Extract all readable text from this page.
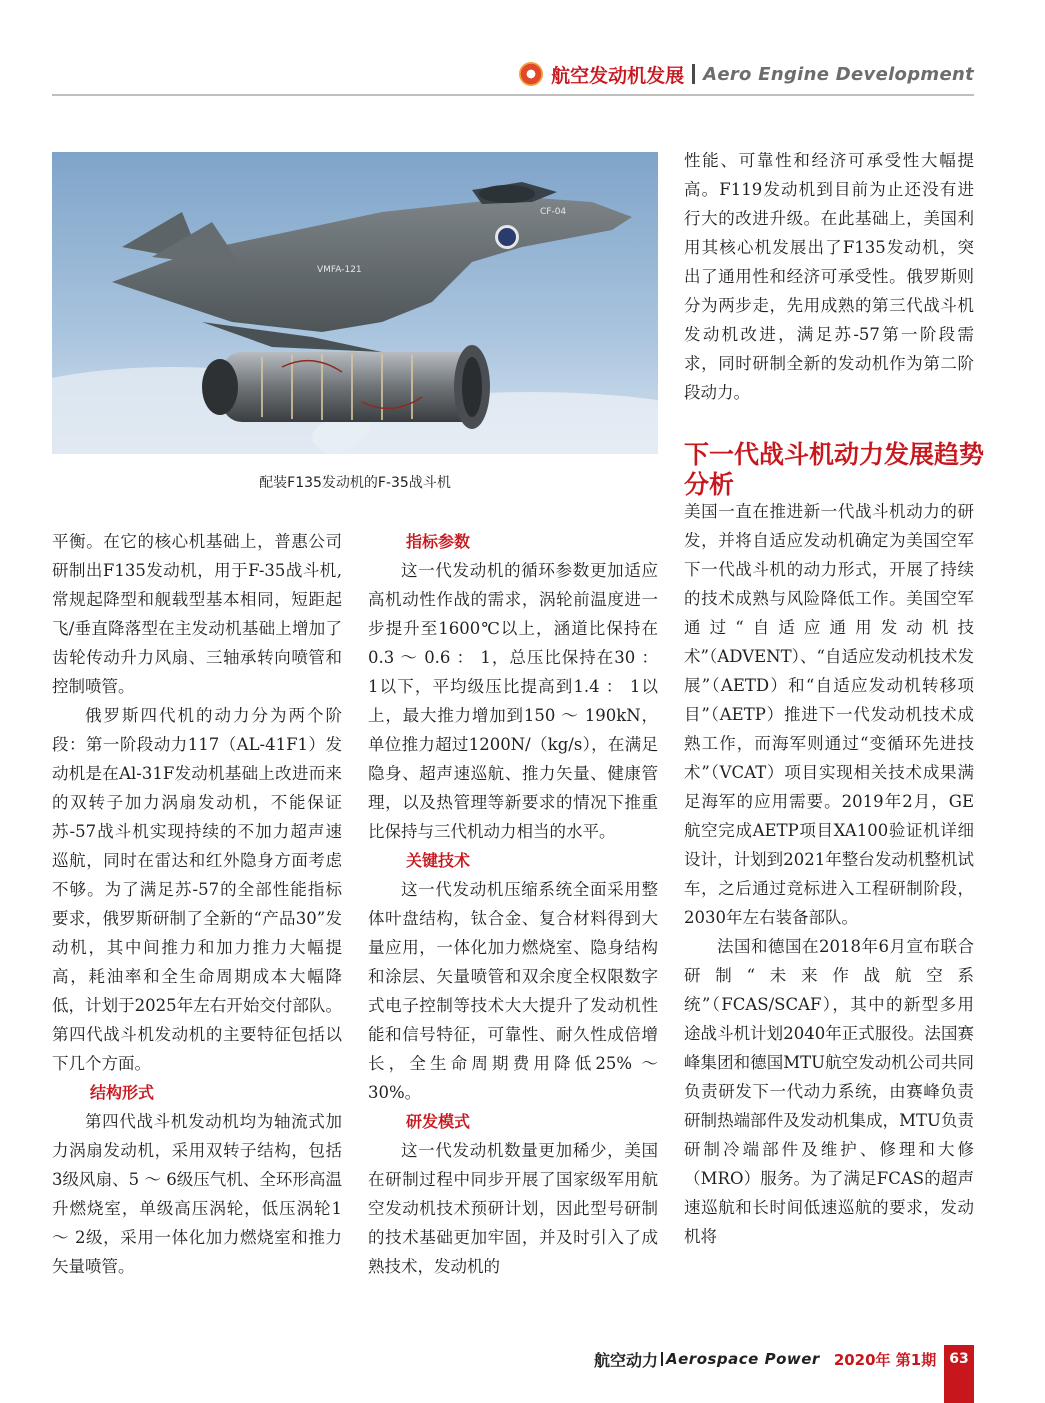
航空发动机发展 Aero Engine Development
VMFA-121
CF-04
配装F135发动机的F-35战斗机

平衡。在它的核心机基础上，普惠公司研制出F135发动机，用于F-35战斗机,常规起降型和舰载型基本相同，短距起飞/垂直降落型在主发动机基础上增加了齿轮传动升力风扇、三轴承转向喷管和控制喷管。

俄罗斯四代机的动力分为两个阶段：第一阶段动力117（AL-41F1）发动机是在Al-31F发动机基础上改进而来的双转子加力涡扇发动机，不能保证苏-57战斗机实现持续的不加力超声速巡航，同时在雷达和红外隐身方面考虑不够。为了满足苏-57的全部性能指标要求，俄罗斯研制了全新的“产品30”发动机，其中间推力和加力推力大幅提高，耗油率和全生命周期成本大幅降低，计划于2025年左右开始交付部队。第四代战斗机发动机的主要特征包括以下几个方面。

结构形式

第四代战斗机发动机均为轴流式加力涡扇发动机，采用双转子结构，包括3级风扇、5 ～ 6级压气机、全环形高温升燃烧室，单级高压涡轮，低压涡轮1 ～ 2级，采用一体化加力燃烧室和推力矢量喷管。

指标参数

这一代发动机的循环参数更加适应高机动性作战的需求，涡轮前温度进一步提升至1600℃以上，涵道比保持在0.3 ～ 0.6 ： 1，总压比保持在30 ： 1以下，平均级压比提高到1.4 ： 1以上，最大推力增加到150 ～ 190kN，单位推力超过1200N/（kg/s），在满足隐身、超声速巡航、推力矢量、健康管理，以及热管理等新要求的情况下推重比保持与三代机动力相当的水平。

关键技术

这一代发动机压缩系统全面采用整体叶盘结构，钛合金、复合材料得到大量应用，一体化加力燃烧室、隐身结构和涂层、矢量喷管和双余度全权限数字式电子控制等技术大大提升了发动机性能和信号特征，可靠性、耐久性成倍增长，全生命周期费用降低25% ～ 30%。

研发模式

这一代发动机数量更加稀少，美国在研制过程中同步开展了国家级军用航空发动机技术预研计划，因此型号研制的技术基础更加牢固，并及时引入了成熟技术，发动机的

性能、可靠性和经济可承受性大幅提高。F119发动机到目前为止还没有进行大的改进升级。在此基础上，美国利用其核心机发展出了F135发动机，突出了通用性和经济可承受性。俄罗斯则分为两步走，先用成熟的第三代战斗机发动机改进，满足苏-57第一阶段需求，同时研制全新的发动机作为第二阶段动力。

下一代战斗机动力发展趋势分析

美国一直在推进新一代战斗机动力的研发，并将自适应发动机确定为美国空军下一代战斗机的动力形式，开展了持续的技术成熟与风险降低工作。美国空军通过“自适应通用发动机技术”（ADVENT）、“自适应发动机技术发展”（AETD）和“自适应发动机转移项目”（AETP）推进下一代发动机技术成熟工作，而海军则通过“变循环先进技术”（VCAT）项目实现相关技术成果满足海军的应用需要。2019年2月，GE航空完成AETP项目XA100验证机详细设计，计划到2021年整台发动机整机试车，之后通过竞标进入工程研制阶段，2030年左右装备部队。

法国和德国在2018年6月宣布联合研制“未来作战航空系统”（FCAS/SCAF），其中的新型多用途战斗机计划2040年正式服役。法国赛峰集团和德国MTU航空发动机公司共同负责研发下一代动力系统，由赛峰负责研制热端部件及发动机集成，MTU负责研制冷端部件及维护、修理和大修（MRO）服务。为了满足FCAS的超声速巡航和长时间低速巡航的要求，发动机将

航空动力 Aerospace Power 2020年 第1期 63
